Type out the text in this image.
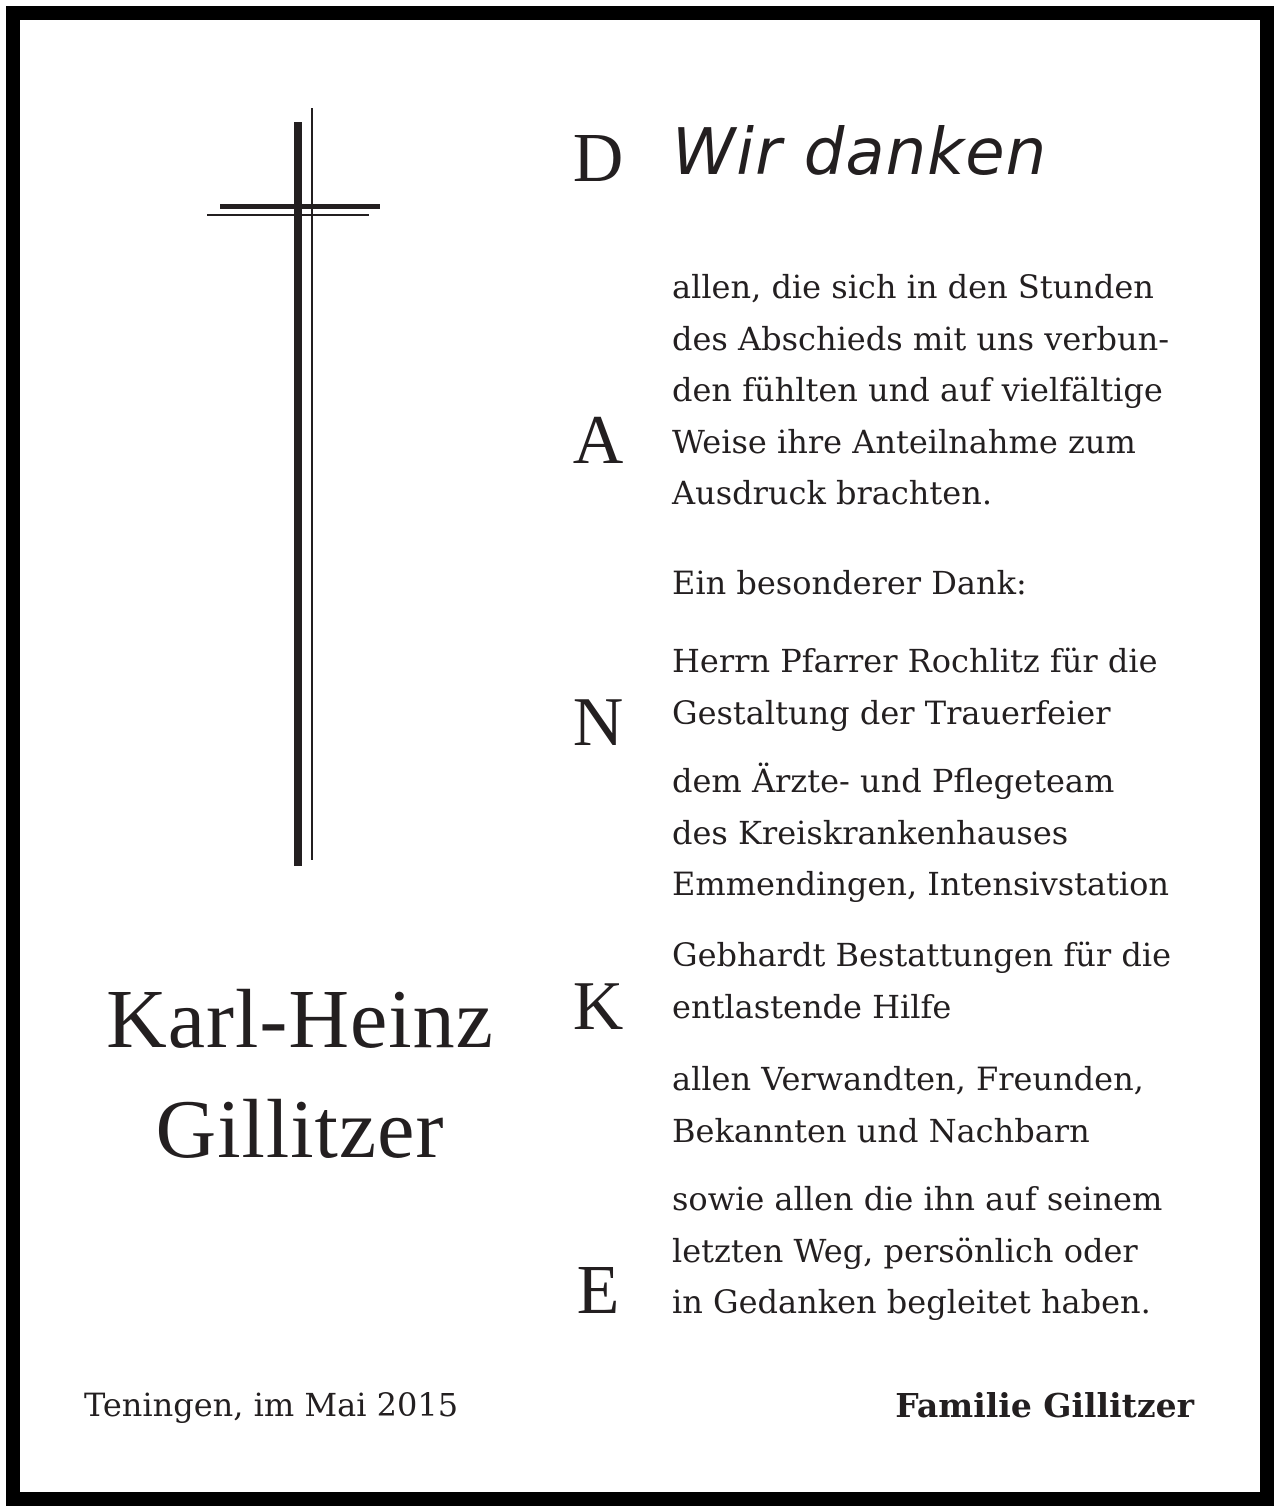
Karl-Heinz
Gillitzer
Wir danken
D
A
N
K
E
allen, die sich in den Stunden
des Abschieds mit uns verbun-
den fühlten und auf vielfältige
Weise ihre Anteilnahme zum
Ausdruck brachten.
Ein besonderer Dank:
Herrn Pfarrer Rochlitz für die
Gestaltung der Trauerfeier
dem Ärzte- und Pflegeteam
des Kreiskrankenhauses
Emmendingen, Intensivstation
Gebhardt Bestattungen für die
entlastende Hilfe
allen Verwandten, Freunden,
Bekannten und Nachbarn
sowie allen die ihn auf seinem
letzten Weg, persönlich oder
in Gedanken begleitet haben.
Teningen, im Mai 2015	Familie Gillitzer
